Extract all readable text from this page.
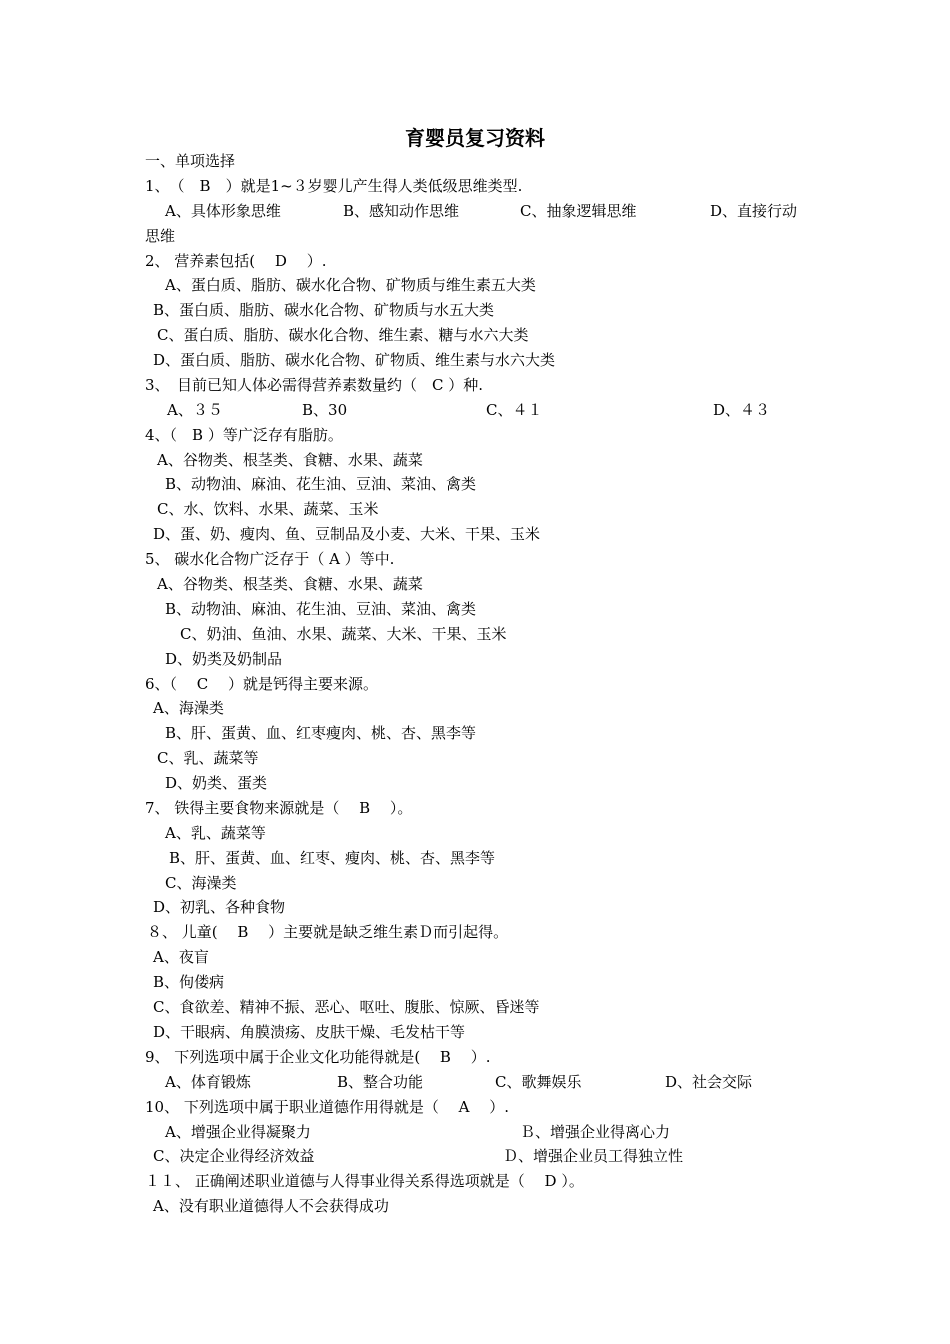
育婴员复习资料
一、单项选择
1、　（　B　）就是1~３岁婴儿产生得人类低级思维类型.
A、具体形象思维	B、感知动作思维	C、抽象逻辑思维	D、直接行动
思维
2、 营养素包括(　 D　 ）.
A、蛋白质、脂肪、碳水化合物、矿物质与维生素五大类
B、蛋白质、脂肪、碳水化合物、矿物质与水五大类
C、蛋白质、脂肪、碳水化合物、维生素、糖与水六大类
D、蛋白质、脂肪、碳水化合物、矿物质、维生素与水六大类
3、　目前已知人体必需得营养素数量约（　C ）种.
A、３５	B、30	C、４１	D、４３
4、（　B ）等广泛存有脂肪。
A、谷物类、根茎类、食糖、水果、蔬菜
B、动物油、麻油、花生油、豆油、菜油、禽类
C、水、饮料、水果、蔬菜、玉米
D、蛋、奶、瘦肉、鱼、豆制品及小麦、大米、干果、玉米
5、 碳水化合物广泛存于（ A ）等中.
A、谷物类、根茎类、食糖、水果、蔬菜
B、动物油、麻油、花生油、豆油、菜油、禽类
C、奶油、鱼油、水果、蔬菜、大米、干果、玉米
D、奶类及奶制品
6、（　 C　 ）就是钙得主要来源。
A、海澡类
B、肝、蛋黄、血、红枣瘦肉、桃、杏、黑李等
C、乳、蔬菜等
D、奶类、蛋类
7、 铁得主要食物来源就是（　 B　 ）。
A、乳、蔬菜等
B、肝、蛋黄、血、红枣、瘦肉、桃、杏、黑李等
C、海澡类
D、初乳、各种食物
８、 儿童(　 B　 ）主要就是缺乏维生素Ｄ而引起得。
A、夜盲
B、佝偻病
C、食欲差、精神不振、恶心、呕吐、腹胀、惊厥、昏迷等
D、干眼病、角膜溃疡、皮肤干燥、毛发枯干等
9、 下列选项中属于企业文化功能得就是(　 B　 ）.
A、体育锻炼	B、整合功能	C、歌舞娱乐	D、社会交际
10、 下列选项中属于职业道德作用得就是（　 A　 ）.
A、增强企业得凝聚力	Ｂ、增强企业得离心力
C、决定企业得经济效益	Ｄ、增强企业员工得独立性
１１、 正确阐述职业道德与人得事业得关系得选项就是（　 D ）。
A、没有职业道德得人不会获得成功
